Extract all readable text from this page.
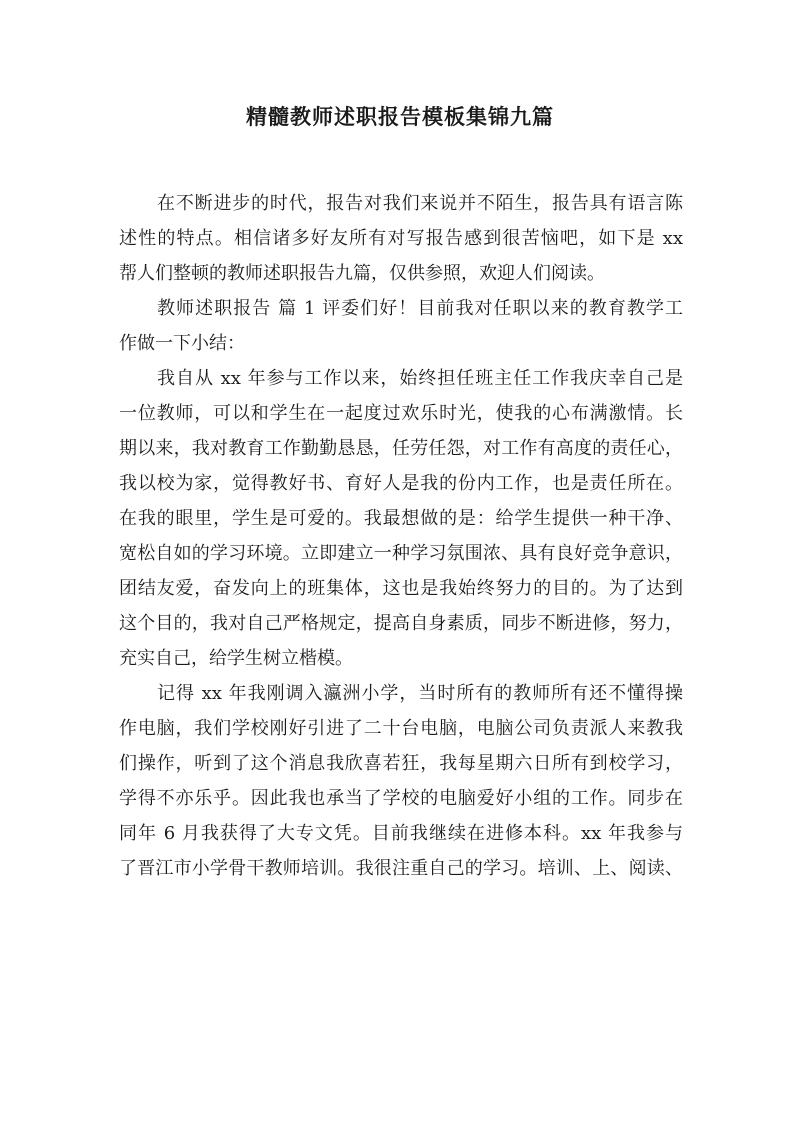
精髓教师述职报告模板集锦九篇
在不断进步的时代，报告对我们来说并不陌生，报告具有语言陈
述性的特点。相信诸多好友所有对写报告感到很苦恼吧，如下是 xx
帮人们整顿的教师述职报告九篇，仅供参照，欢迎人们阅读。
教师述职报告 篇 1 评委们好！目前我对任职以来的教育教学工
作做一下小结：
我自从 xx 年参与工作以来，始终担任班主任工作我庆幸自己是
一位教师，可以和学生在一起度过欢乐时光，使我的心布满激情。长
期以来，我对教育工作勤勤恳恳，任劳任怨，对工作有高度的责任心，
我以校为家，觉得教好书、育好人是我的份内工作，也是责任所在。
在我的眼里，学生是可爱的。我最想做的是：给学生提供一种干净、
宽松自如的学习环境。立即建立一种学习氛围浓、具有良好竞争意识，
团结友爱，奋发向上的班集体，这也是我始终努力的目的。为了达到
这个目的，我对自己严格规定，提高自身素质，同步不断进修，努力，
充实自己，给学生树立楷模。
记得 xx 年我刚调入瀛洲小学，当时所有的教师所有还不懂得操
作电脑，我们学校刚好引进了二十台电脑，电脑公司负责派人来教我
们操作，听到了这个消息我欣喜若狂，我每星期六日所有到校学习，
学得不亦乐乎。因此我也承当了学校的电脑爱好小组的工作。同步在
同年 6 月我获得了大专文凭。目前我继续在进修本科。xx 年我参与
了晋江市小学骨干教师培训。我很注重自己的学习。培训、上、阅读、
